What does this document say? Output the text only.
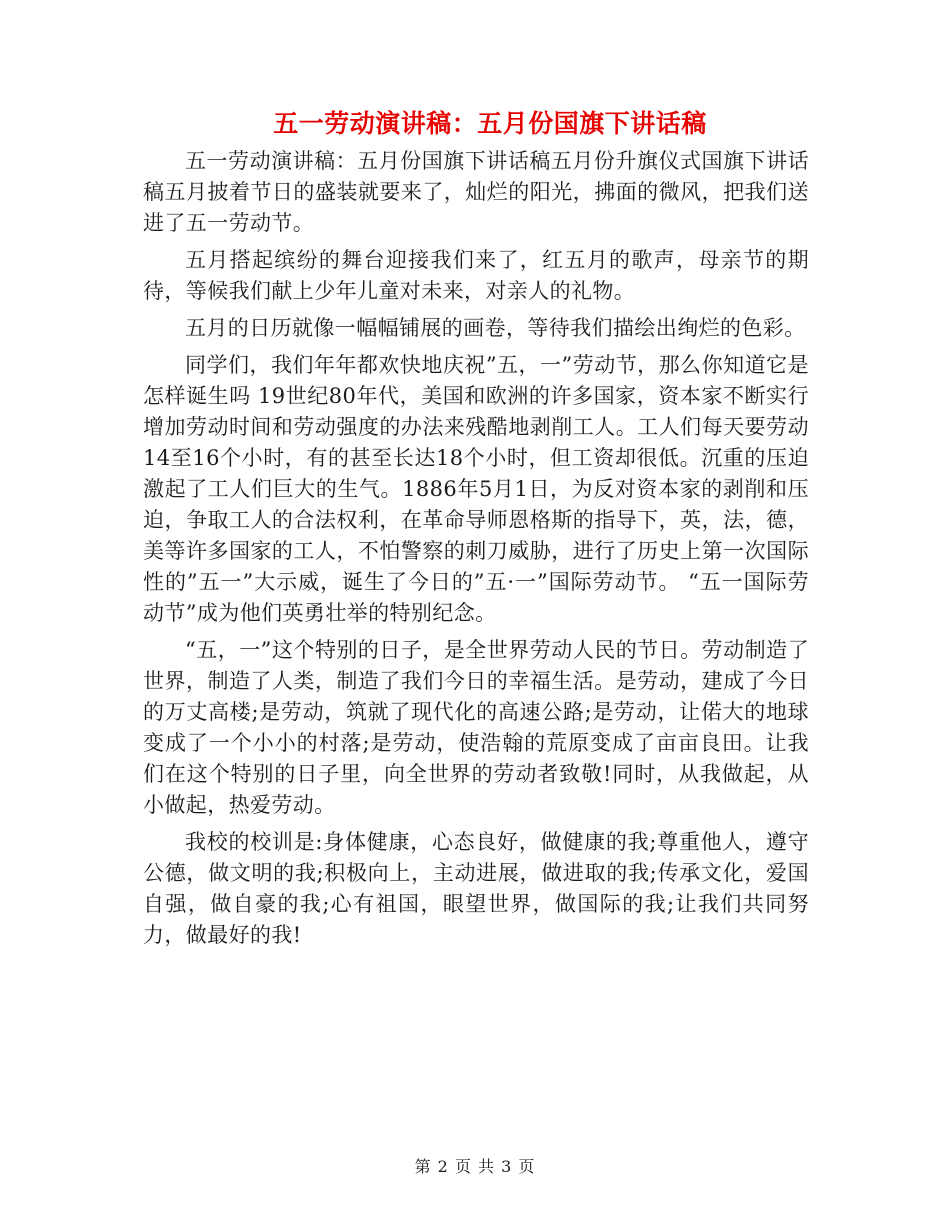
五一劳动演讲稿：五月份国旗下讲话稿

五一劳动演讲稿：五月份国旗下讲话稿五月份升旗仪式国旗下讲话稿五月披着节日的盛装就要来了，灿烂的阳光，拂面的微风，把我们送进了五一劳动节。

五月搭起缤纷的舞台迎接我们来了，红五月的歌声，母亲节的期待，等候我们献上少年儿童对未来，对亲人的礼物。

五月的日历就像一幅幅铺展的画卷，等待我们描绘出绚烂的色彩。

同学们，我们年年都欢快地庆祝”五，一”劳动节，那么你知道它是怎样诞生吗 19世纪80年代，美国和欧洲的许多国家，资本家不断实行增加劳动时间和劳动强度的办法来残酷地剥削工人。工人们每天要劳动14至16个小时，有的甚至长达18个小时，但工资却很低。沉重的压迫激起了工人们巨大的生气。1886年5月1日，为反对资本家的剥削和压迫，争取工人的合法权利，在革命导师恩格斯的指导下，英，法，德，美等许多国家的工人，不怕警察的刺刀威胁，进行了历史上第一次国际性的”五一”大示威，诞生了今日的”五·一”国际劳动节。 “五一国际劳动节”成为他们英勇壮举的特别纪念。

“五，一”这个特别的日子，是全世界劳动人民的节日。劳动制造了世界，制造了人类，制造了我们今日的幸福生活。是劳动，建成了今日的万丈高楼;是劳动，筑就了现代化的高速公路;是劳动，让偌大的地球变成了一个小小的村落;是劳动，使浩翰的荒原变成了亩亩良田。让我们在这个特别的日子里，向全世界的劳动者致敬!同时，从我做起，从小做起，热爱劳动。

我校的校训是:身体健康，心态良好，做健康的我;尊重他人，遵守公德，做文明的我;积极向上，主动进展，做进取的我;传承文化，爱国自强，做自豪的我;心有祖国，眼望世界，做国际的我;让我们共同努力，做最好的我!

第 2 页 共 3 页
